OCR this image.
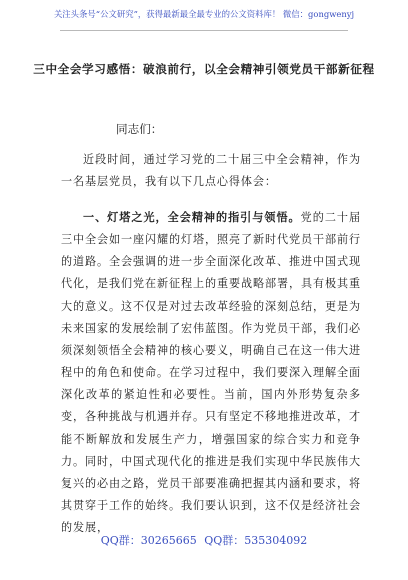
关注头条号“公文研究”，获得最新最全最专业的公文资料库！ 微信：gongwenyj
三中全会学习感悟：破浪前行，以全会精神引领党员干部新征程
同志们：
近段时间，通过学习党的二十届三中全会精神，作为一名基层党员，我有以下几点心得体会：
一、灯塔之光，全会精神的指引与领悟。党的二十届三中全会如一座闪耀的灯塔，照亮了新时代党员干部前行的道路。全会强调的进一步全面深化改革、推进中国式现代化，是我们党在新征程上的重要战略部署，具有极其重大的意义。这不仅是对过去改革经验的深刻总结，更是为未来国家的发展绘制了宏伟蓝图。作为党员干部，我们必须深刻领悟全会精神的核心要义，明确自己在这一伟大进程中的角色和使命。在学习过程中，我们要深入理解全面深化改革的紧迫性和必要性。当前，国内外形势复杂多变，各种挑战与机遇并存。只有坚定不移地推进改革，才能不断解放和发展生产力，增强国家的综合实力和竞争力。同时，中国式现代化的推进是我们实现中华民族伟大复兴的必由之路，党员干部要准确把握其内涵和要求，将其贯穿于工作的始终。我们要认识到，这不仅是经济社会的发展，
QQ群：30265665 QQ群：535304092
